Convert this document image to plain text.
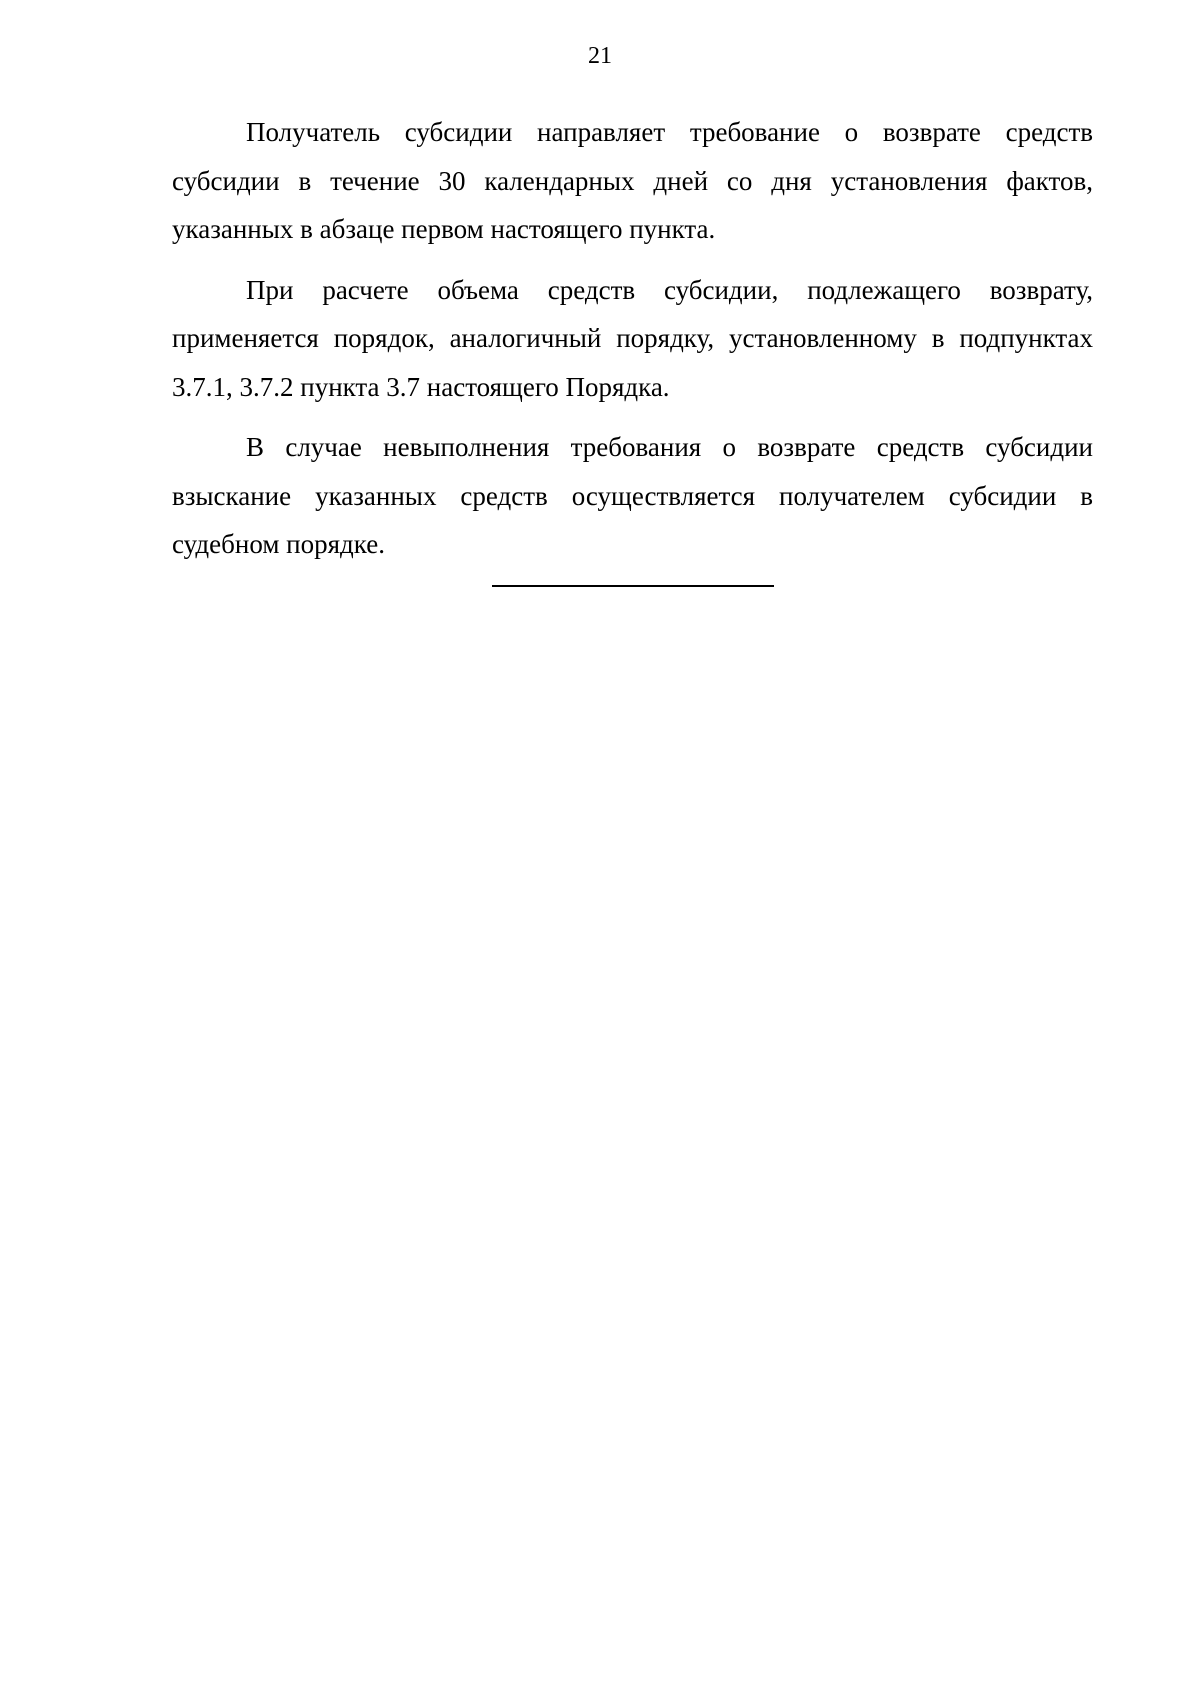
21

Получатель субсидии направляет требование о возврате средств субсидии в течение 30 календарных дней со дня установления фактов, указанных в абзаце первом настоящего пункта.

При расчете объема средств субсидии, подлежащего возврату, применяется порядок, аналогичный порядку, установленному в подпунктах 3.7.1, 3.7.2 пункта 3.7 настоящего Порядка.

В случае невыполнения требования о возврате средств субсидии взыскание указанных средств осуществляется получателем субсидии в судебном порядке.
